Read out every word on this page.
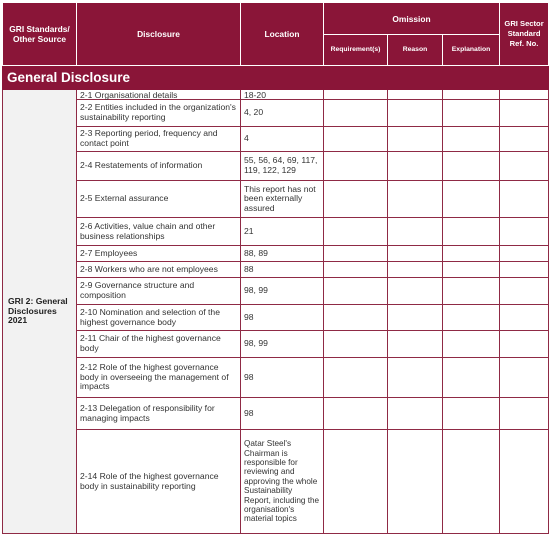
GRI Standards/ Other Source	Disclosure	Location	Omission			GRI Sector Standard Ref. No.
			Requirement(s)	Reason	Explanation	
General Disclosure						
GRI 2: General Disclosures 2021	2-1 Organisational details	18-20				
	2-2 Entities included in the organization's sustainability reporting	4, 20				
	2-3 Reporting period, frequency and contact point	4				
	2-4 Restatements of information	55, 56, 64, 69, 117, 119, 122, 129				
	2-5 External assurance	This report has not been externally assured				
	2-6 Activities, value chain and other business relationships	21				
	2-7 Employees	88, 89				
	2-8 Workers who are not employees	88				
	2-9 Governance structure and composition	98, 99				
	2-10 Nomination and selection of the highest governance body	98				
	2-11 Chair of the highest governance body	98, 99				
	2-12 Role of the highest governance body in overseeing the management of impacts	98				
	2-13 Delegation of responsibility for managing impacts	98				
	2-14 Role of the highest governance body in sustainability reporting	Qatar Steel's Chairman is responsible for reviewing and approving the whole Sustainability Report, including the organisation's material topics				
